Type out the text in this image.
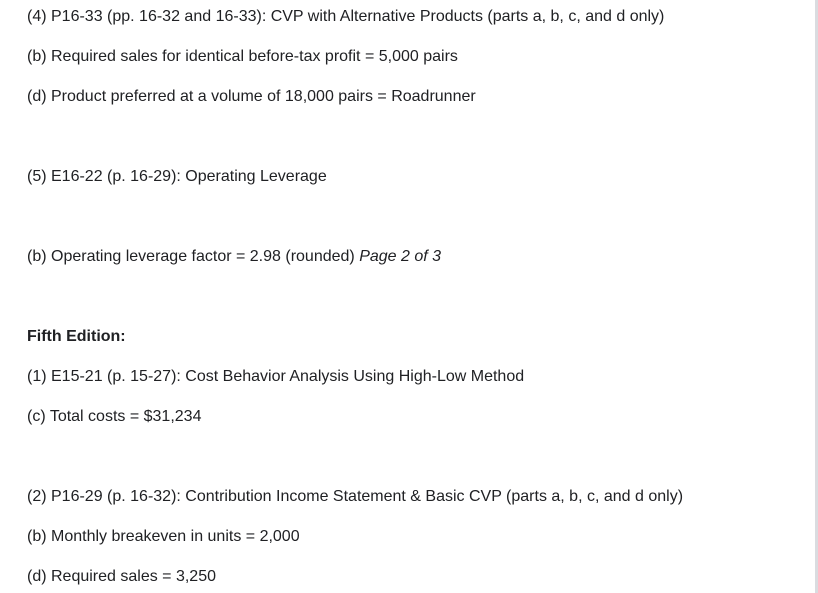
(4) P16-33 (pp. 16-32 and 16-33): CVP with Alternative Products (parts a, b, c, and d only)
(b) Required sales for identical before-tax profit = 5,000 pairs
(d) Product preferred at a volume of 18,000 pairs = Roadrunner
(5) E16-22 (p. 16-29): Operating Leverage
(b) Operating leverage factor = 2.98 (rounded) Page 2 of 3
Fifth Edition:
(1) E15-21 (p. 15-27): Cost Behavior Analysis Using High-Low Method
(c) Total costs = $31,234
(2) P16-29 (p. 16-32): Contribution Income Statement & Basic CVP (parts a, b, c, and d only)
(b) Monthly breakeven in units = 2,000
(d) Required sales = 3,250
